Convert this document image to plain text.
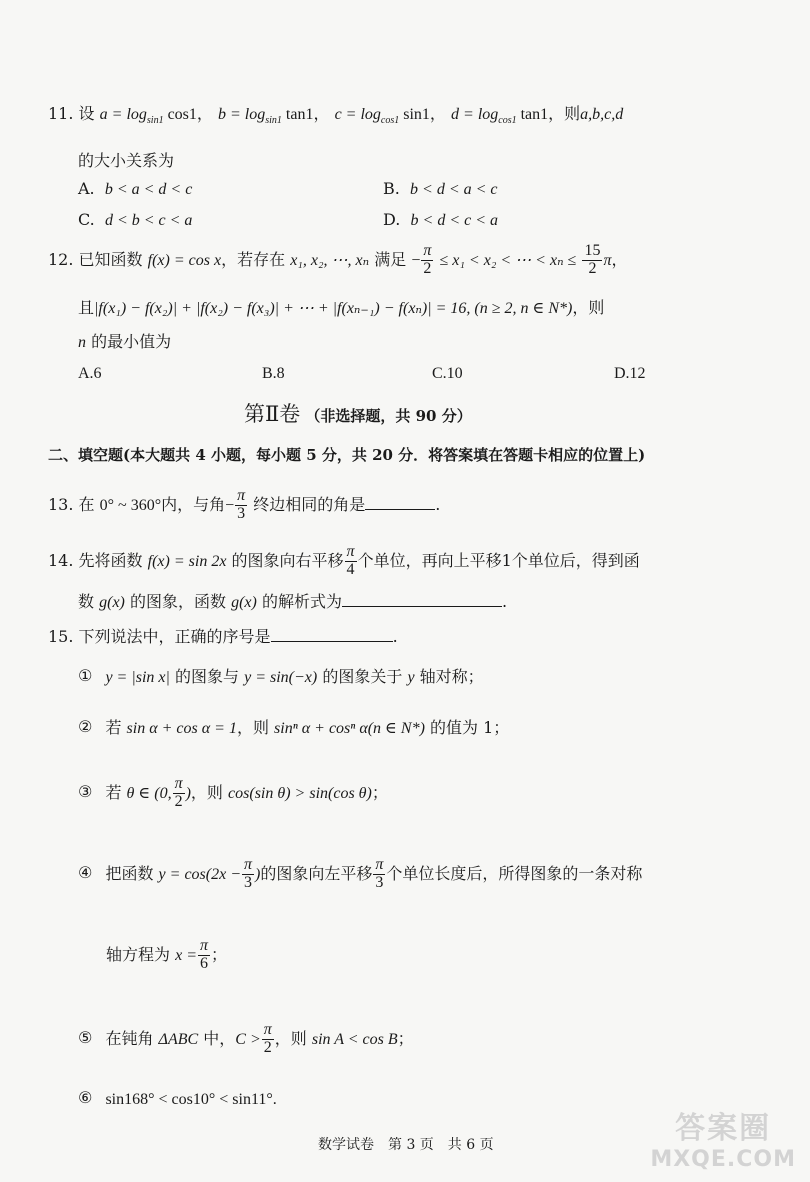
11. 设 $a = \log_{sin1} \cos 1$， $b = \log_{sin1} \tan 1$， $c = \log_{cos1} \sin 1$， $d = \log_{cos1} \tan 1$，则a,b,c,d
的大小关系为
A. b < a < d < c	B. b < d < a < c
C. d < b < c < a	D. b < d < c < a
12. 已知函数 f(x) = cos x，若存在 x₁, x₂, ⋯, xₙ 满足 − $\frac{\pi}{2} \le x_1 < x_2$ < ⋯ < $x_n \le \frac{15}{2}$ π，
且|f(x₁) − f(x₂)| + |f(x₂) − f(x₃)| + ⋯ + |f(xₙ₋₁) − f(xₙ)| = 16, (n ≥ 2, n ∈ N*)，则
n 的最小值为
A.6	B.8	C.10	D.12
第Ⅱ卷 （非选择题，共 90 分）
二、填空题(本大题共 4 小题，每小题 5 分，共 20 分．将答案填在答题卡相应的位置上)
13. 在 0° ~ 360°内，与角− $\frac{\pi}{3}$ 终边相同的角是	.
14. 先将函数 f(x) = sin 2x 的图象向右平移 $\frac{\pi}{4}$ 个单位，再向上平移1个单位后，得到函
数 g(x) 的图象，函数 g(x) 的解析式为	.
15. 下列说法中，正确的序号是	.
① y = |sin x| 的图象与 y = sin(−x) 的图象关于 y 轴对称；
② 若 sin α + cos α = 1，则 sinⁿ α + cosⁿ α(n ∈ N*) 的值为 1；
③ 若 θ ∈ (0, $\frac{\pi}{2}$ )，则 cos(sin θ) > sin(cos θ)；
④ 把函数 $y = \cos(2x - \frac{\pi}{3}$ )的图象向左平移 $\frac{\pi}{3}$ 个单位长度后，所得图象的一条对称
轴方程为 $x = \frac{\pi}{6}$ ；
⑤ 在钝角 ΔABC 中，$C > \frac{\pi}{2}$ ，则 sin A < cos B；
⑥ sin168° < cos10° < sin11°.
数学试卷　第 3 页　共 6 页	答案圈
MXQE.COM
